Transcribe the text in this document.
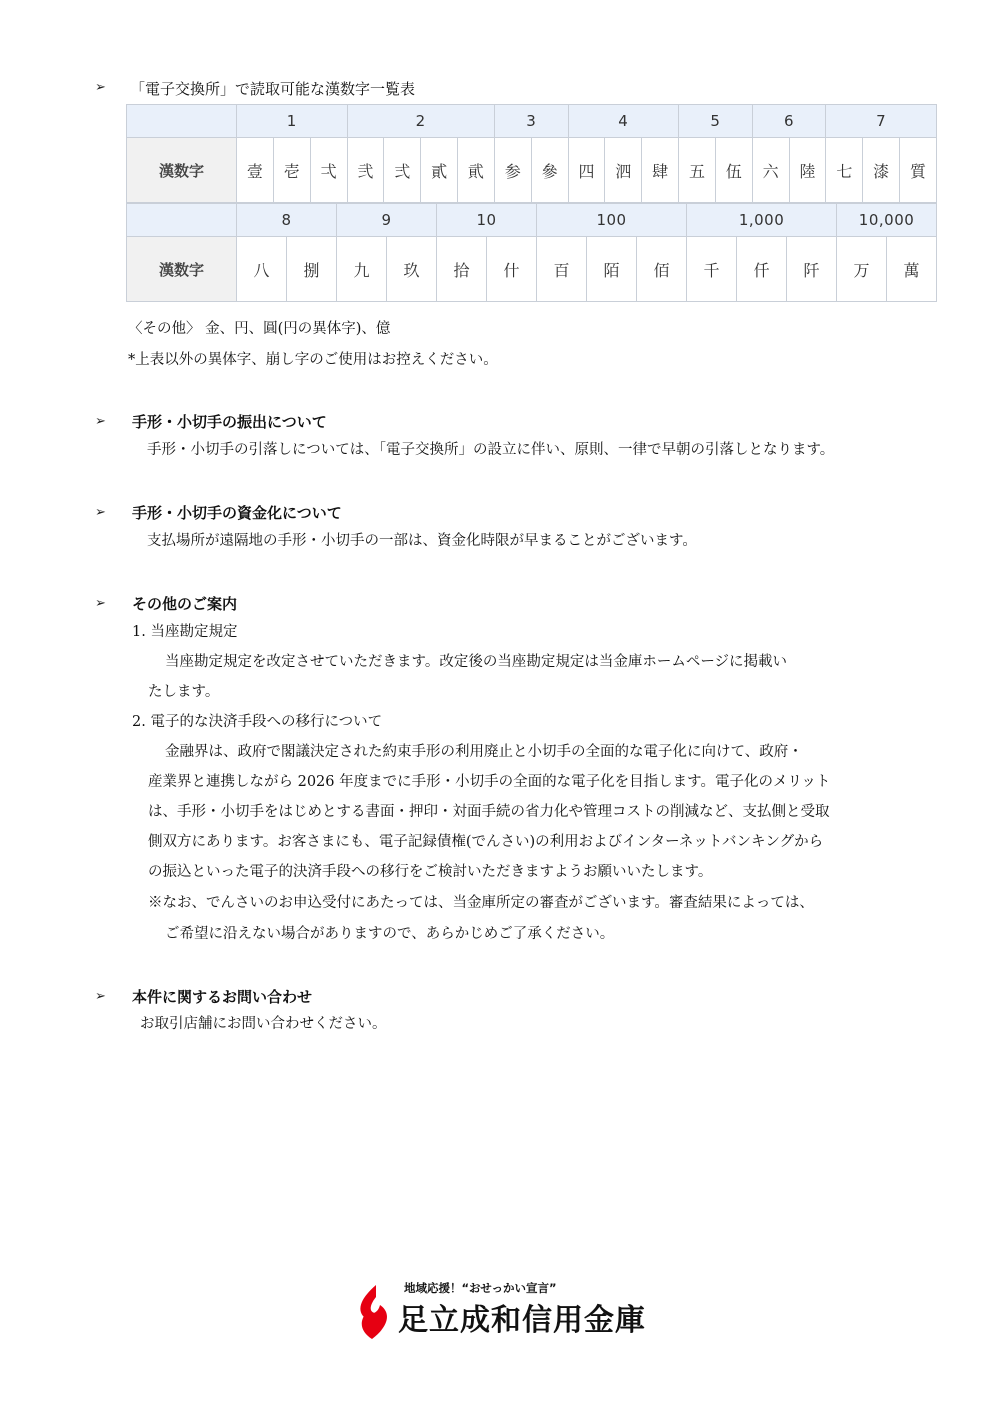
➢ 「電子交換所」で読取可能な漢数字一覧表
	1			2				3		4			5		6		7		
漢数字	壹	壱	弌	弐	弍	貳	貮	参	參	四	泗	肆	五	伍	六	陸	七	漆	質
	8		9		10		100			1,000			10,000	
漢数字	八	捌	九	玖	拾	什	百	陌	佰	千	仟	阡	万	萬
〈その他〉 金、円、圓(円の異体字)、億
*上表以外の異体字、崩し字のご使用はお控えください。
➢ 手形・小切手の振出について
手形・小切手の引落しについては、「電子交換所」の設立に伴い、原則、一律で早朝の引落しとなります。
➢ 手形・小切手の資金化について
支払場所が遠隔地の手形・小切手の一部は、資金化時限が早まることがございます。
➢ その他のご案内
1. 当座勘定規定
当座勘定規定を改定させていただきます。改定後の当座勘定規定は当金庫ホームページに掲載い
たします。
2. 電子的な決済手段への移行について
金融界は、政府で閣議決定された約束手形の利用廃止と小切手の全面的な電子化に向けて、政府・
産業界と連携しながら 2026 年度までに手形・小切手の全面的な電子化を目指します。電子化のメリット
は、手形・小切手をはじめとする書面・押印・対面手続の省力化や管理コストの削減など、支払側と受取
側双方にあります。お客さまにも、電子記録債権(でんさい)の利用およびインターネットバンキングから
の振込といった電子的決済手段への移行をご検討いただきますようお願いいたします。
※なお、でんさいのお申込受付にあたっては、当金庫所定の審査がございます。審査結果によっては、
ご希望に沿えない場合がありますので、あらかじめご了承ください。
➢ 本件に関するお問い合わせ
お取引店舗にお問い合わせください。
地域応援！“おせっかい宣言”
足立成和信用金庫
